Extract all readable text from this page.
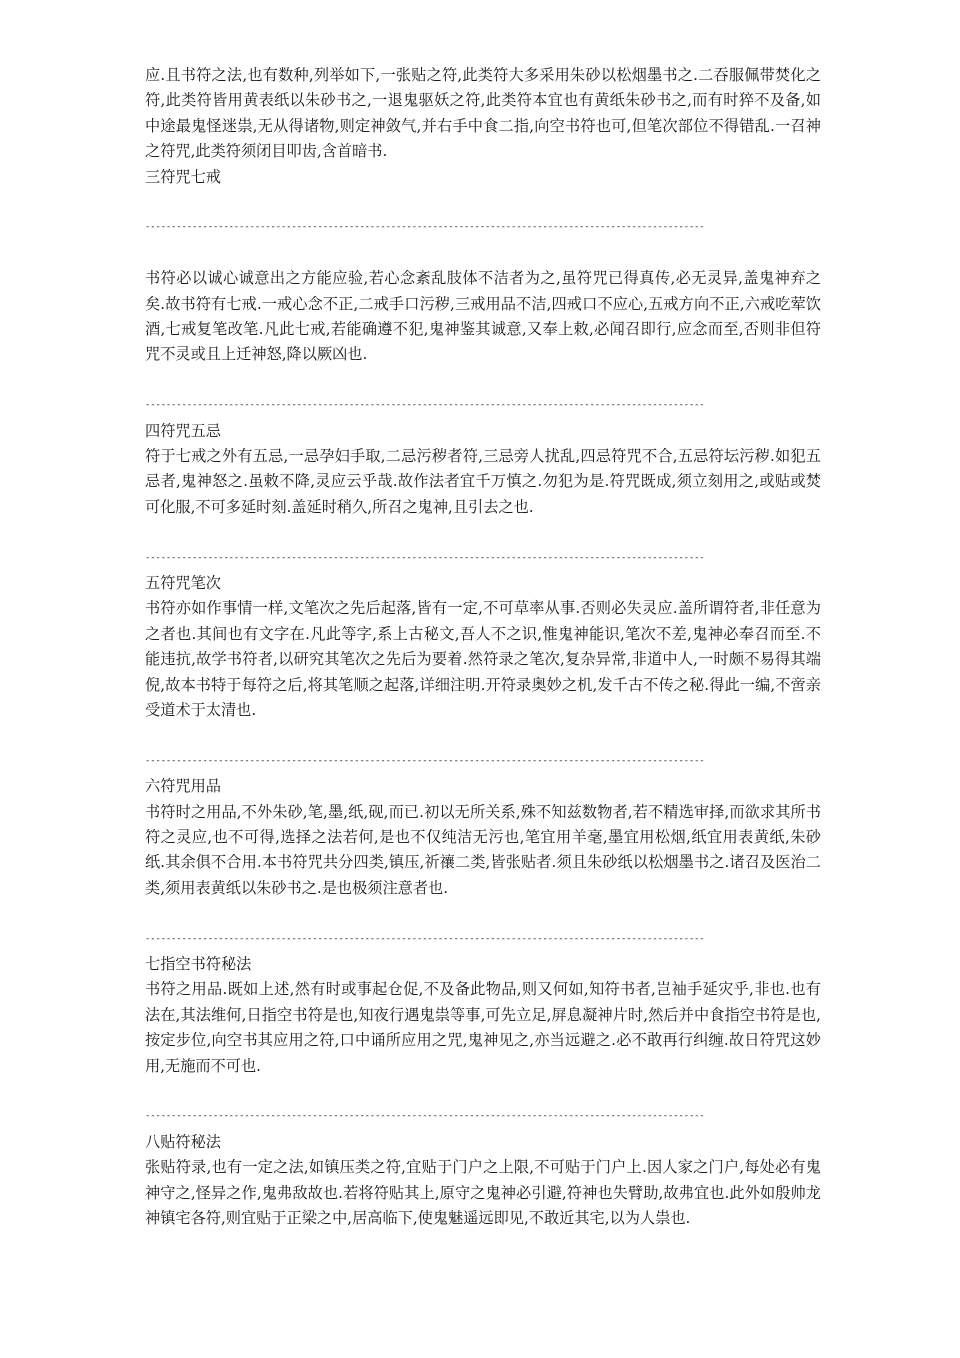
应.且书符之法,也有数种,列举如下,一张贴之符,此类符大多采用朱砂以松烟墨书之.二吞服佩带焚化之符,此类符皆用黄表纸以朱砂书之,一退鬼驱妖之符,此类符本宜也有黄纸朱砂书之,而有时猝不及备,如中途最鬼怪迷祟,无从得诸物,则定神敛气,并右手中食二指,向空书符也可,但笔次部位不得错乱.一召神之符咒,此类符须闭目叩齿,含首暗书.

三符咒七戒

-----------------------------------------------------------------------------------------------------------

书符必以诚心诚意出之方能应验,若心念紊乱肢体不洁者为之,虽符咒已得真传,必无灵异,盖鬼神弃之矣.故书符有七戒.一戒心念不正,二戒手口污秽,三戒用品不洁,四戒口不应心,五戒方向不正,六戒吃荤饮酒,七戒复笔改笔.凡此七戒,若能确遵不犯,鬼神鉴其诚意,又奉上敕,必闻召即行,应念而至,否则非但符咒不灵或且上迁神怒,降以厥凶也.

-----------------------------------------------------------------------------------------------------------

四符咒五忌

符于七戒之外有五忌,一忌孕妇手取,二忌污秽者符,三忌旁人扰乱,四忌符咒不合,五忌符坛污秽.如犯五忌者,鬼神怒之.虽敕不降,灵应云乎哉.故作法者宜千万慎之.勿犯为是.符咒既成,须立刻用之,或贴或焚可化服,不可多延时刻.盖延时稍久,所召之鬼神,且引去之也.

-----------------------------------------------------------------------------------------------------------

五符咒笔次

书符亦如作事情一样,文笔次之先后起落,皆有一定,不可草率从事.否则必失灵应.盖所谓符者,非任意为之者也.其间也有文字在.凡此等字,系上古秘文,吾人不之识,惟鬼神能识,笔次不差,鬼神必奉召而至.不能违抗,故学书符者,以研究其笔次之先后为要着.然符录之笔次,复杂异常,非道中人,一时颇不易得其端倪,故本书特于每符之后,将其笔顺之起落,详细注明.开符录奥妙之机,发千古不传之秘.得此一编,不啻亲受道术于太清也.

-----------------------------------------------------------------------------------------------------------

六符咒用品

书符时之用品,不外朱砂,笔,墨,纸,砚,而已.初以无所关系,殊不知兹数物者,若不精选审择,而欲求其所书符之灵应,也不可得,选择之法若何,是也不仅纯洁无污也,笔宜用羊毫,墨宜用松烟,纸宜用表黄纸,朱砂纸.其余俱不合用.本书符咒共分四类,镇压,祈禳二类,皆张贴者.须且朱砂纸以松烟墨书之.诸召及医治二类,须用表黄纸以朱砂书之.是也极须注意者也.

-----------------------------------------------------------------------------------------------------------

七指空书符秘法

书符之用品.既如上述,然有时或事起仓促,不及备此物品,则又何如,知符书者,岂袖手延灾乎,非也.也有法在,其法维何,日指空书符是也,知夜行遇鬼祟等事,可先立足,屏息凝神片时,然后并中食指空书符是也,按定步位,向空书其应用之符,口中诵所应用之咒,鬼神见之,亦当远避之.必不敢再行纠缠.故日符咒这妙用,无施而不可也.

-----------------------------------------------------------------------------------------------------------

八贴符秘法

张贴符录,也有一定之法,如镇压类之符,宜贴于门户之上限,不可贴于门户上.因人家之门户,每处必有鬼神守之,怪异之作,鬼弗敌故也.若将符贴其上,原守之鬼神必引避,符神也失臂助,故弗宜也.此外如殷帅龙神镇宅各符,则宜贴于正梁之中,居高临下,使鬼魅遥远即见,不敢近其宅,以为人祟也.
